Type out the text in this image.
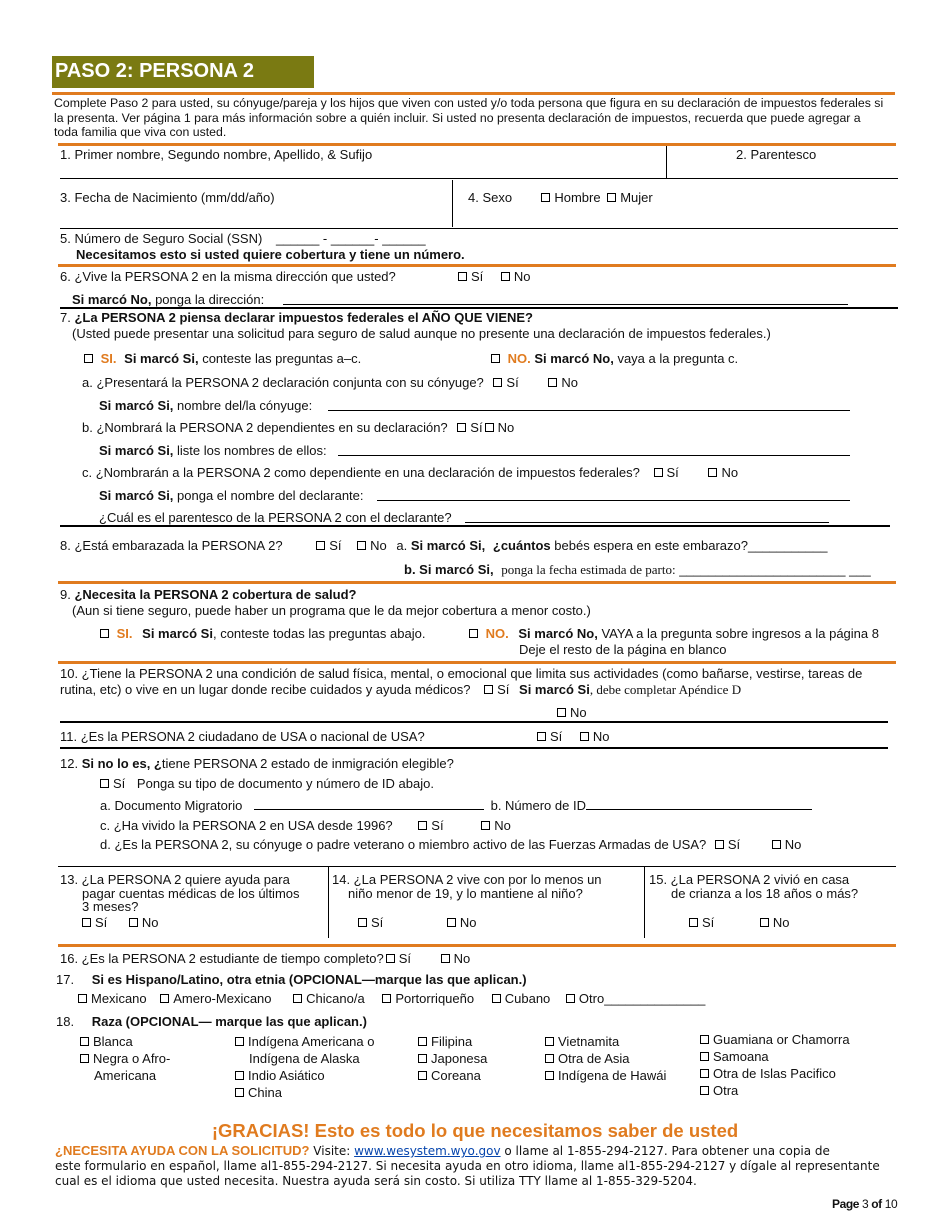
PASO 2: PERSONA 2
Complete Paso 2 para usted, su cónyuge/pareja y los hijos que viven con usted y/o toda persona que figura en su declaración de impuestos federales si la presenta. Ver página 1 para más información sobre a quién incluir. Si usted no presenta declaración de impuestos, recuerda que puede agregar a toda familia que viva con usted.
1. Primer nombre, Segundo nombre, Apellido, & Sufijo	2. Parentesco
3. Fecha de Nacimiento (mm/dd/año)	4. Sexo	Hombre Mujer
5. Número de Seguro Social (SSN) ______ - ______- ______
Necesitamos esto si usted quiere cobertura y tiene un número.
6. ¿Vive la PERSONA 2 en la misma dirección que usted?	Sí No
Si marcó No, ponga la dirección:
7. ¿La PERSONA 2 piensa declarar impuestos federales el AÑO QUE VIENE?
(Usted puede presentar una solicitud para seguro de salud aunque no presente una declaración de impuestos federales.)
SI. Si marcó Si, conteste las preguntas a–c.	NO. Si marcó No, vaya a la pregunta c.
a. ¿Presentará la PERSONA 2 declaración conjunta con su cónyuge? Sí	No
Si marcó Si, nombre del/la cónyuge:
b. ¿Nombrará la PERSONA 2 dependientes en su declaración? Sí No
Si marcó Si, liste los nombres de ellos:
c. ¿Nombrarán a la PERSONA 2 como dependiente en una declaración de impuestos federales? Sí	No
Si marcó Si, ponga el nombre del declarante:
¿Cuál es el parentesco de la PERSONA 2 con el declarante?
8. ¿Está embarazada la PERSONA 2?	Sí No a. Si marcó Si, ¿cuántos bebés espera en este embarazo?___________
b. Si marcó Si, ponga la fecha estimada de parto: _______________________ ___
9. ¿Necesita la PERSONA 2 cobertura de salud?
(Aun si tiene seguro, puede haber un programa que le da mejor cobertura a menor costo.)
SI. Si marcó Si, conteste todas las preguntas abajo.	NO. Si marcó No, VAYA a la pregunta sobre ingresos a la página 8
Deje el resto de la página en blanco
10. ¿Tiene la PERSONA 2 una condición de salud física, mental, o emocional que limita sus actividades (como bañarse, vestirse, tareas de rutina, etc) o vive en un lugar donde recibe cuidados y ayuda médicos? Sí Si marcó Si, debe completar Apéndice D
No
11. ¿Es la PERSONA 2 ciudadano de USA o nacional de USA?	Sí No
12. Si no lo es, ¿tiene PERSONA 2 estado de inmigración elegible?
Sí Ponga su tipo de documento y número de ID abajo.
a. Documento Migratorio	b. Número de ID
c. ¿Ha vivido la PERSONA 2 en USA desde 1996?	Sí	No
d. ¿Es la PERSONA 2, su cónyuge o padre veterano o miembro activo de las Fuerzas Armadas de USA? Sí	No
13. ¿La PERSONA 2 quiere ayuda para
pagar cuentas médicas de los últimos
3 meses?
Sí	No
14. ¿La PERSONA 2 vive con por lo menos un
niño menor de 19, y lo mantiene al niño?
Sí	No
15. ¿La PERSONA 2 vivió en casa
de crianza a los 18 años o más?
Sí	No
16. ¿Es la PERSONA 2 estudiante de tiempo completo? Sí	No
17. Si es Hispano/Latino, otra etnia (OPCIONAL—marque las que aplican.)
Mexicano Amero-Mexicano	Chicano/a Portorriqueño Cubano Otro______________
18. Raza (OPCIONAL— marque las que aplican.)
Blanca
Negra o Afro-
Americana
Indígena Americana o
Indígena de Alaska
Indio Asiático
China
Filipina
Japonesa
Coreana
Vietnamita
Otra de Asia
Indígena de Hawái
Guamiana or Chamorra
Samoana
Otra de Islas Pacifico
Otra
¡GRACIAS! Esto es todo lo que necesitamos saber de usted
¿NECESITA AYUDA CON LA SOLICITUD? Visite: www.wesystem.wyo.gov o llame al 1-855-294-2127. Para obtener una copia de
este formulario en español, llame al1-855-294-2127. Si necesita ayuda en otro idioma, llame al1-855-294-2127 y dígale al representante
cual es el idioma que usted necesita. Nuestra ayuda será sin costo. Si utiliza TTY llame al 1-855-329-5204.
Page 3 of 10
